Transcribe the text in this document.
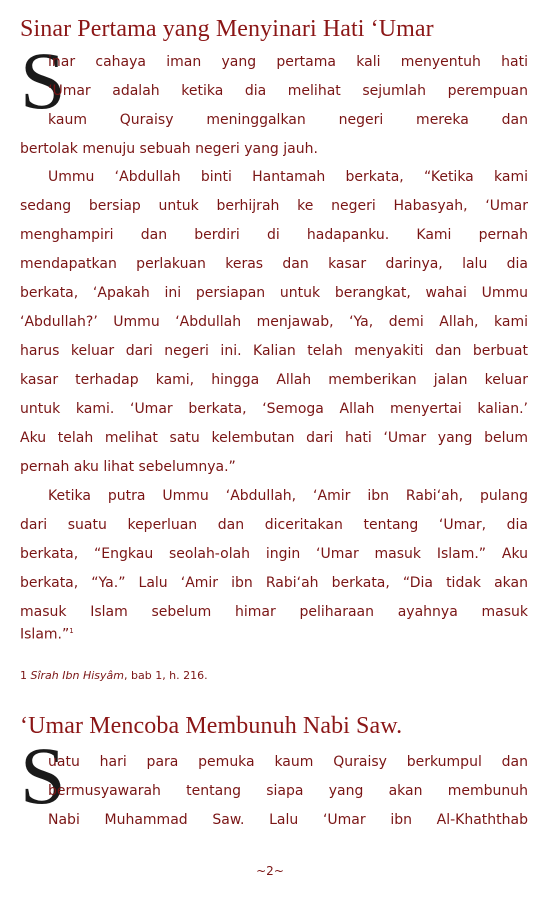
Sinar Pertama yang Menyinari Hati ‘Umar
S
inar cahaya iman yang pertama kali menyentuh hati
‘Umar adalah ketika dia melihat sejumlah perempuan
kaum Quraisy meninggalkan negeri mereka dan
bertolak menuju sebuah negeri yang jauh.
Ummu ‘Abdullah binti Hantamah berkata, “Ketika kami
sedang bersiap untuk berhijrah ke negeri Habasyah, ‘Umar
menghampiri dan berdiri di hadapanku. Kami pernah
mendapatkan perlakuan keras dan kasar darinya, lalu dia
berkata, ‘Apakah ini persiapan untuk berangkat, wahai Ummu
‘Abdullah?’ Ummu ‘Abdullah menjawab, ‘Ya, demi Allah, kami
harus keluar dari negeri ini. Kalian telah menyakiti dan berbuat
kasar terhadap kami, hingga Allah memberikan jalan keluar
untuk kami. ‘Umar berkata, ‘Semoga Allah menyertai kalian.’
Aku telah melihat satu kelembutan dari hati ‘Umar yang belum
pernah aku lihat sebelumnya.”
Ketika putra Ummu ‘Abdullah, ‘Amir ibn Rabi‘ah, pulang
dari suatu keperluan dan diceritakan tentang ‘Umar, dia
berkata, “Engkau seolah-olah ingin ‘Umar masuk Islam.” Aku
berkata, “Ya.” Lalu ‘Amir ibn Rabi‘ah berkata, “Dia tidak akan
masuk Islam sebelum himar peliharaan ayahnya masuk
Islam.”$^1$
1 Sîrah Ibn Hisyâm, bab 1, h. 216.
‘Umar Mencoba Membunuh Nabi Saw.
S
uatu hari para pemuka kaum Quraisy berkumpul dan
bermusyawarah tentang siapa yang akan membunuh
Nabi Muhammad Saw. Lalu ‘Umar ibn Al-Khaththab
~2~
